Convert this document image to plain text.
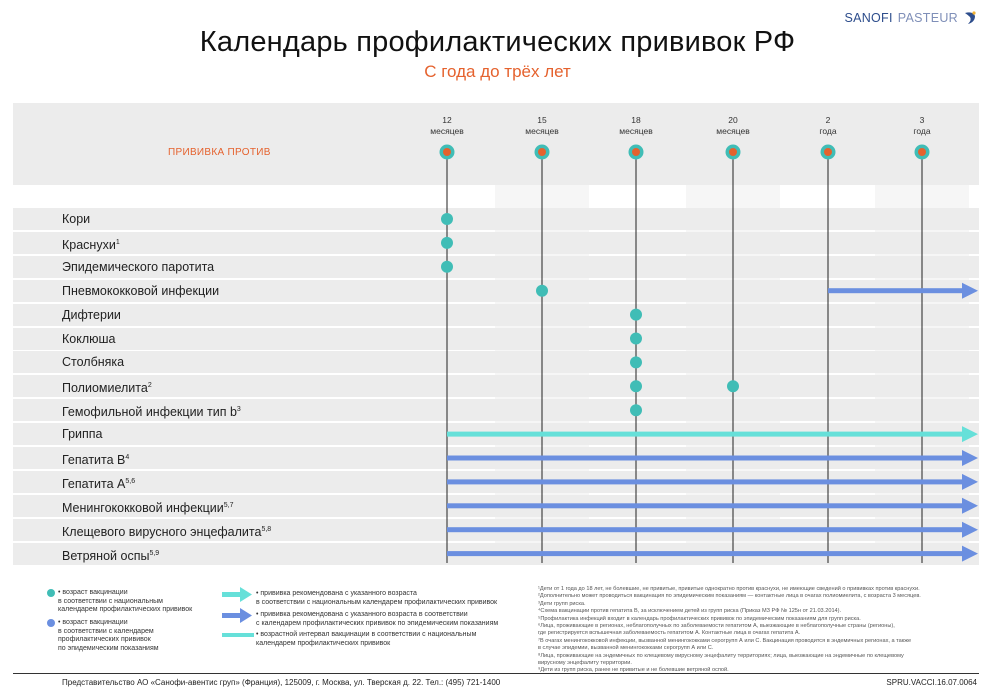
SANOFI PASTEUR
Календарь профилактических прививок РФ
С года до трёх лет
ПРИВИВКА ПРОТИВ
12
месяцев
15
месяцев
18
месяцев
20
месяцев
2
года
3
года
Кори
Краснухи$^1$
Эпидемического паротита
Пневмококковой инфекции
Дифтерии
Коклюша
Столбняка
Полиомиелита$^2$
Гемофильной инфекции тип $b^3$
Гриппа
Гепатита $В^4$
Гепатита А$^{5,6}$
Менингококковой инфекции$^{5,7}$
Клещевого вирусного энцефалита$^{5,8}$
Ветряной оспы$^{5,9}$
• возраст вакцинации
в соответствии с национальным
календарем профилактических прививок
• возраст вакцинации
в соответствии с календарем
профилактических прививок
по эпидемическим показаниям
• прививка рекомендована с указанного возраста
в соответствии с национальным календарем профилактических прививок
• прививка рекомендована с указанного возраста в соответствии
с календарем профилактических прививок по эпидемическим показаниям
• возрастной интервал вакцинации в соответствии с национальным
календарем профилактических прививок
¹Дети от 1 года до 18 лет, не болевшие, не привитые, привитые однократно против краснухи, не имеющие сведений о прививках против краснухи.
²Дополнительно может проводиться вакцинация по эпидемическим показаниям — контактные лица в очагах полиомиелита, с возраста 3 месяцев.
³Дети групп риска.
⁴Схема вакцинации против гепатита В, за исключением детей из групп риска (Приказ МЗ РФ № 125н от 21.03.2014).
⁵Профилактика инфекций входит в календарь профилактических прививок по эпидемическим показаниям для групп риска.
⁶Лица, проживающие в регионах, неблагополучных по заболеваемости гепатитом А, выезжающие в неблагополучные страны (регионы),
где регистрируется вспышечная заболеваемость гепатитом А. Контактные лица в очагах гепатита А.
⁷В очагах менингококковой инфекции, вызванной менингококками серогрупп А или С. Вакцинация проводится в эндемичных регионах, а также
в случае эпидемии, вызванной менингококками серогрупп А или С.
⁸Лица, проживающие на эндемичных по клещевому вирусному энцефалиту территориях; лица, выезжающие на эндемичные по клещевому
вирусному энцефалиту территории.
⁹Дети из групп риска, ранее не привитые и не болевшие ветряной оспой.
Представительство АО «Санофи-авентис груп» (Франция), 125009, г. Москва, ул. Тверская д. 22. Тел.: (495) 721-1400	SPRU.VACCI.16.07.0064
